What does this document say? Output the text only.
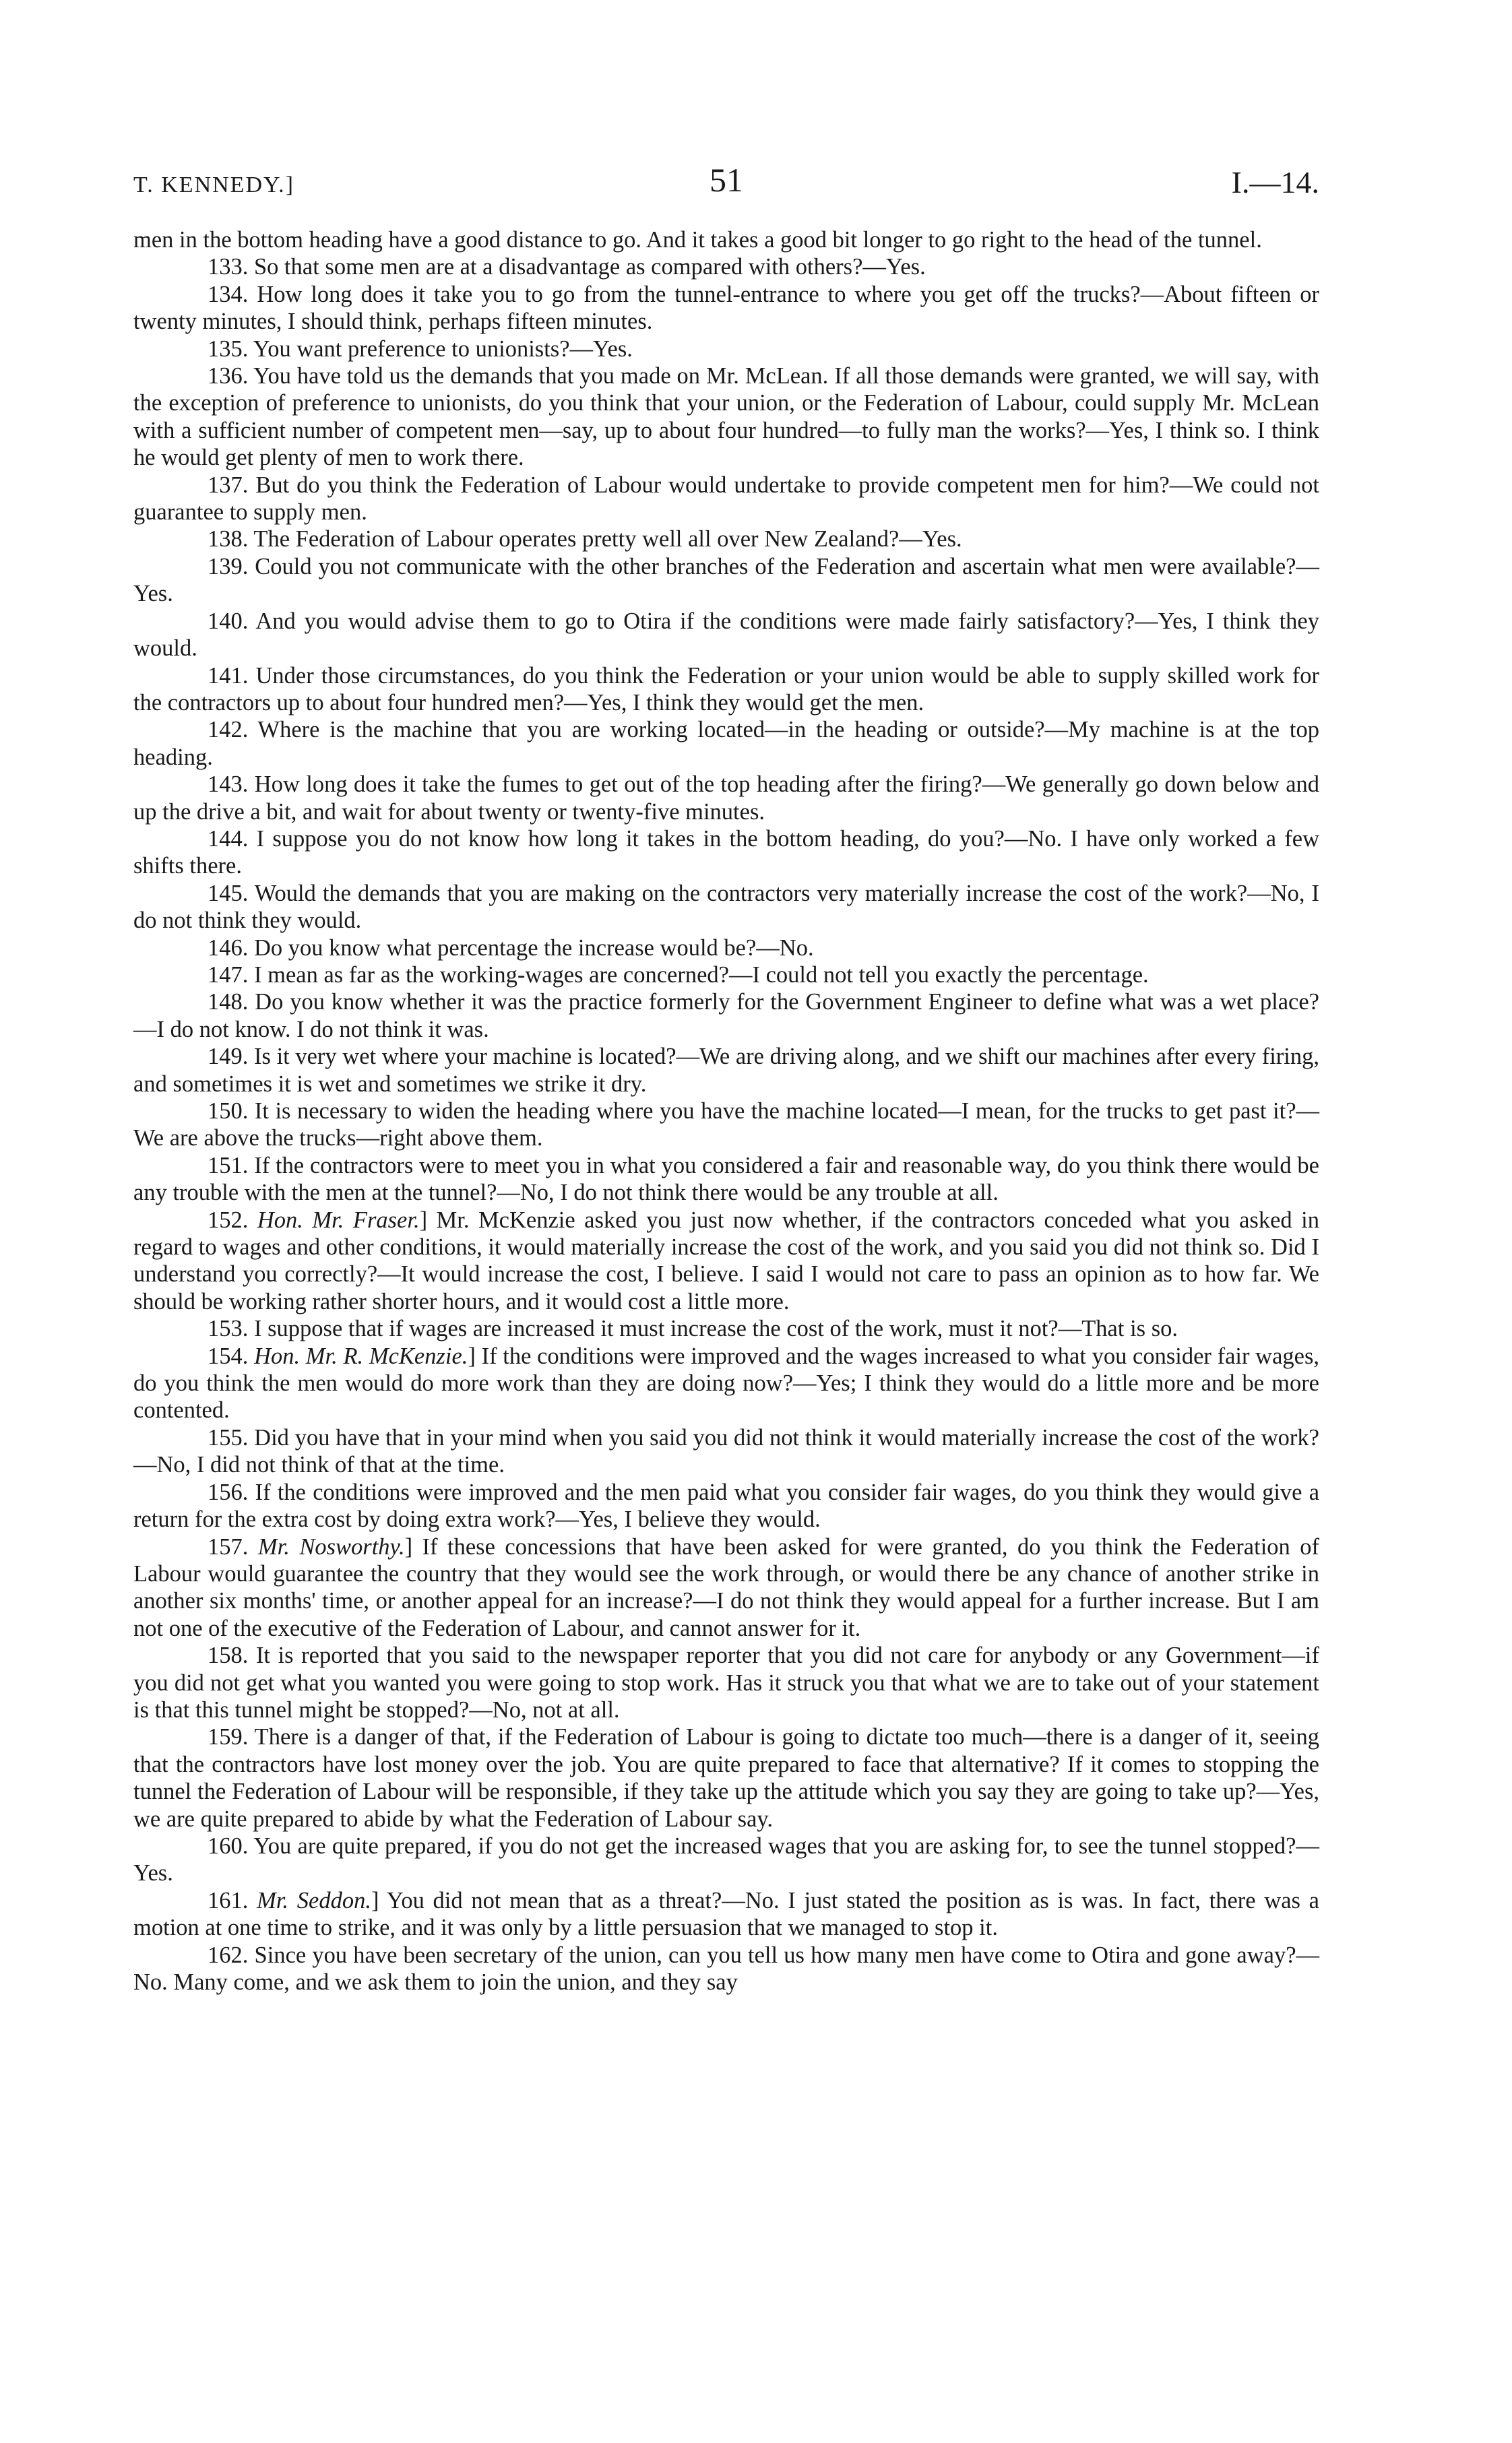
T. KENNEDY.]	51	I.—14.

men in the bottom heading have a good distance to go. And it takes a good bit longer to go right to the head of the tunnel.

133. So that some men are at a disadvantage as compared with others?—Yes.

134. How long does it take you to go from the tunnel-entrance to where you get off the trucks?—About fifteen or twenty minutes, I should think, perhaps fifteen minutes.

135. You want preference to unionists?—Yes.

136. You have told us the demands that you made on Mr. McLean. If all those demands were granted, we will say, with the exception of preference to unionists, do you think that your union, or the Federation of Labour, could supply Mr. McLean with a sufficient number of competent men—say, up to about four hundred—to fully man the works?—Yes, I think so. I think he would get plenty of men to work there.

137. But do you think the Federation of Labour would undertake to provide competent men for him?—We could not guarantee to supply men.

138. The Federation of Labour operates pretty well all over New Zealand?—Yes.

139. Could you not communicate with the other branches of the Federation and ascertain what men were available?—Yes.

140. And you would advise them to go to Otira if the conditions were made fairly satisfactory?—Yes, I think they would.

141. Under those circumstances, do you think the Federation or your union would be able to supply skilled work for the contractors up to about four hundred men?—Yes, I think they would get the men.

142. Where is the machine that you are working located—in the heading or outside?—My machine is at the top heading.

143. How long does it take the fumes to get out of the top heading after the firing?—We generally go down below and up the drive a bit, and wait for about twenty or twenty-five minutes.

144. I suppose you do not know how long it takes in the bottom heading, do you?—No. I have only worked a few shifts there.

145. Would the demands that you are making on the contractors very materially increase the cost of the work?—No, I do not think they would.

146. Do you know what percentage the increase would be?—No.

147. I mean as far as the working-wages are concerned?—I could not tell you exactly the percentage.

148. Do you know whether it was the practice formerly for the Government Engineer to define what was a wet place?—I do not know. I do not think it was.

149. Is it very wet where your machine is located?—We are driving along, and we shift our machines after every firing, and sometimes it is wet and sometimes we strike it dry.

150. It is necessary to widen the heading where you have the machine located—I mean, for the trucks to get past it?—We are above the trucks—right above them.

151. If the contractors were to meet you in what you considered a fair and reasonable way, do you think there would be any trouble with the men at the tunnel?—No, I do not think there would be any trouble at all.

152. Hon. Mr. Fraser.] Mr. McKenzie asked you just now whether, if the contractors conceded what you asked in regard to wages and other conditions, it would materially increase the cost of the work, and you said you did not think so. Did I understand you correctly?—It would increase the cost, I believe. I said I would not care to pass an opinion as to how far. We should be working rather shorter hours, and it would cost a little more.

153. I suppose that if wages are increased it must increase the cost of the work, must it not?—That is so.

154. Hon. Mr. R. McKenzie.] If the conditions were improved and the wages increased to what you consider fair wages, do you think the men would do more work than they are doing now?—Yes; I think they would do a little more and be more contented.

155. Did you have that in your mind when you said you did not think it would materially increase the cost of the work?—No, I did not think of that at the time.

156. If the conditions were improved and the men paid what you consider fair wages, do you think they would give a return for the extra cost by doing extra work?—Yes, I believe they would.

157. Mr. Nosworthy.] If these concessions that have been asked for were granted, do you think the Federation of Labour would guarantee the country that they would see the work through, or would there be any chance of another strike in another six months' time, or another appeal for an increase?—I do not think they would appeal for a further increase. But I am not one of the executive of the Federation of Labour, and cannot answer for it.

158. It is reported that you said to the newspaper reporter that you did not care for anybody or any Government—if you did not get what you wanted you were going to stop work. Has it struck you that what we are to take out of your statement is that this tunnel might be stopped?—No, not at all.

159. There is a danger of that, if the Federation of Labour is going to dictate too much—there is a danger of it, seeing that the contractors have lost money over the job. You are quite prepared to face that alternative? If it comes to stopping the tunnel the Federation of Labour will be responsible, if they take up the attitude which you say they are going to take up?—Yes, we are quite prepared to abide by what the Federation of Labour say.

160. You are quite prepared, if you do not get the increased wages that you are asking for, to see the tunnel stopped?—Yes.

161. Mr. Seddon.] You did not mean that as a threat?—No. I just stated the position as is was. In fact, there was a motion at one time to strike, and it was only by a little persuasion that we managed to stop it.

162. Since you have been secretary of the union, can you tell us how many men have come to Otira and gone away?—No. Many come, and we ask them to join the union, and they say
